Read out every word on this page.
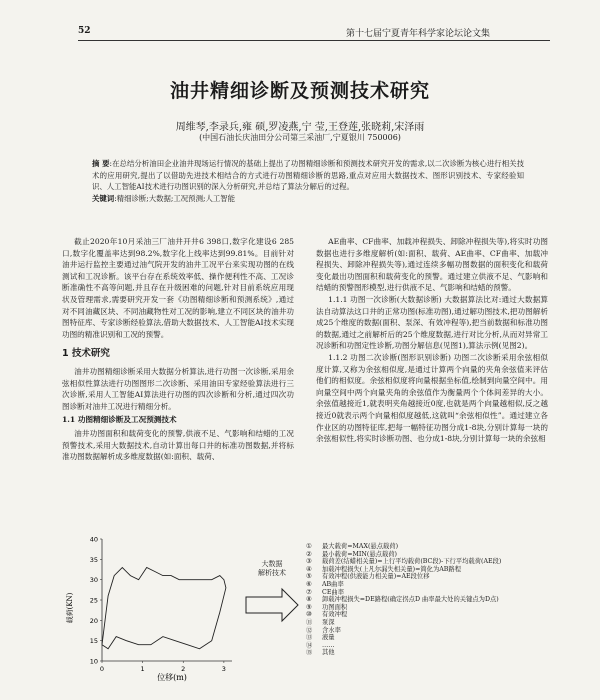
52	第十七届宁夏青年科学家论坛论文集
油井精细诊断及预测技术研究
周维琴,李录兵,雍 硕,罗凌燕,宁 莹,王登莲,张晓莉,宋泽雨
(中国石油长庆油田分公司第三采油厂,宁夏银川 750006)
摘 要:在总结分析油田企业油井现场运行情况的基础上提出了功图精细诊断和预测技术研究开发的需求,以二次诊断为核心进行相关技术的应用研究,提出了以借助先进技术相结合的方式进行功图精细诊断的思路,重点对应用大数据技术、图形识别技术、专家经验知识、人工智能AI技术进行功图识别的深入分析研究,并总结了算法分解后的过程。
关键词:精细诊断;大数据;工况预测;人工智能

截止2020年10月采油三厂油井开井6 398口,数字化建设6 285口,数字化覆盖率达到98.2%,数字化上线率达到99.81%。目前针对油井运行监控主要通过油气院开发的油井工况平台来实现功图的在线测试和工况诊断。该平台存在系统效率低、操作便利性不高、工况诊断准确性不高等问题,并且存在升级困难的问题,针对目前系统应用现状及管理需求,需要研究开发一套《功图精细诊断和预测系统》,通过对不同油藏区块、不同油藏物性对工况的影响,建立不同区块的油井功图特征库、专家诊断经验算法,借助大数据技术、人工智能AI技术实现功图的精准识别和工况的预警。

1 技术研究

油井功图精细诊断采用大数据分析算法,进行功图一次诊断,采用余弦相似性算法进行功图图形二次诊断、采用油田专家经验算法进行三次诊断,采用人工智能AI算法进行功图的四次诊断和分析,通过四次功图诊断对油井工况进行精细分析。

1.1 功图精细诊断及工况预测技术

油井功图面积和载荷变化的预警,供液不足、气影响和结蜡的工况预警技术,采用大数据技术,自动计算出每口井的标准功图数据,并将标准功图数据解析成多维度数据(如:面积、载荷、

AE曲率、CF曲率、加载冲程损失、卸除冲程损失等),将实时功图数据也进行多维度解析(如:面积、载荷、AE曲率、CF曲率、加载冲程损失、卸除冲程损失等),通过连续多幅功图数据的面积变化和载荷变化最出功图面积和载荷变化的预警。通过建立供液不足、气影响和结蜡的预警图形模型,进行供液不足、气影响和结蜡的预警。

1.1.1 功图一次诊断(大数据诊断) 大数据算法比对:通过大数据算法自动算法这口井的正常功图(标准功图),通过解功图技术,把功图解析成25个维度的数据(面积、泵深、有效冲程等),把当前数据和标准功图的数据,通过之前解析后的25个维度数据,进行对比分析,从而对异常工况诊断和功图定性诊断,功图分解信息(见图1),算法示例(见图2)。

1.1.2 功图二次诊断(图形识别诊断) 功图二次诊断采用余弦相似度计算,又称为余弦相似度,是通过计算两个向量的夹角余弦值来评估他们的相似度。余弦相似度将向量根据坐标值,绘制到向量空间中。用向量空间中两个向量夹角的余弦值作为衡量两个个体间差异的大小。余弦值越接近1,就表明夹角越接近0度,也就是两个向量越相似,反之越接近0就表示两个向量相似度越低,这就叫“余弦相似性”。通过建立各作业区的功图特征库,把每一幅特征功图分成1-8块,分别计算每一块的余弦相似性,将实时诊断功图、也分成1-8块,分别计算每一块的余弦相

10
15
20
25
30
35
40
0	1	2	3
位移(m)
载荷(KN)
大数据
解析技术
①	最大载荷=MAX(悬点载荷)
②	最小载荷=MIN(悬点载荷)
③	载荷差(结蜡相关量)=上行平均载荷(BC段)-下行平均载荷(AE段)
④	加载冲程损失(上凡尔漏失相关量)=简化为AB路程
⑤	有效冲程(供液能力相关量)=AE段位移
⑥	AB曲率
⑦	CE曲率
⑧	卸载冲程损失=DE路程(确定拐点D 曲率最大处的关键点为D点)
⑨	功图面积
⑩	有效冲程
⑪	泵深
⑫	含水率
⑬	液量
⑭	……
⑮	其他
